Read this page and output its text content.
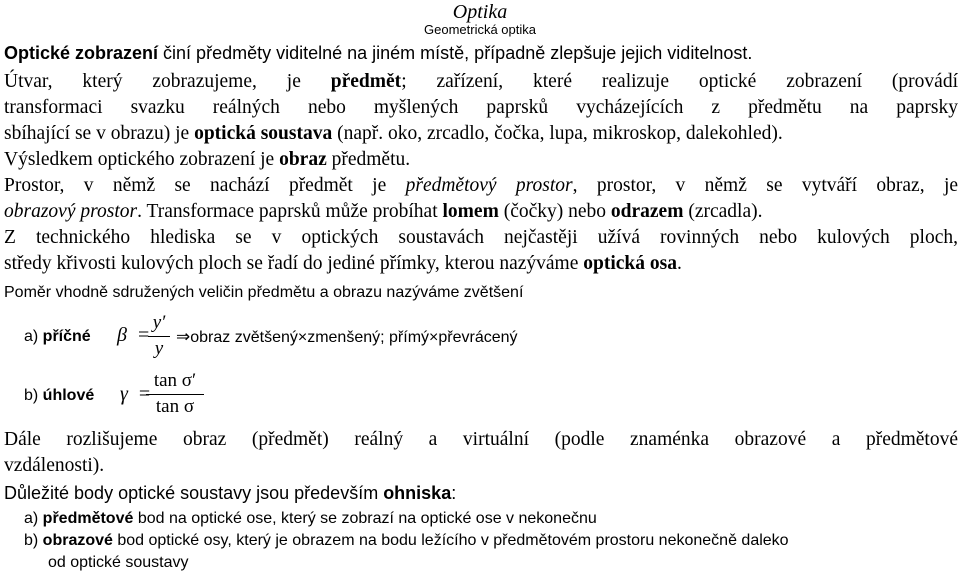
Optika
Geometrická optika
Optické zobrazení činí předměty viditelné na jiném místě, případně zlepšuje jejich viditelnost.
Útvar, který zobrazujeme, je předmět; zařízení, které realizuje optické zobrazení (provádí
transformaci svazku reálných nebo myšlených paprsků vycházejících z předmětu na paprsky
sbíhající se v obrazu) je optická soustava (např. oko, zrcadlo, čočka, lupa, mikroskop, dalekohled).
Výsledkem optického zobrazení je obraz předmětu.
Prostor, v němž se nachází předmět je předmětový prostor, prostor, v němž se vytváří obraz, je
obrazový prostor. Transformace paprsků může probíhat lomem (čočky) nebo odrazem (zrcadla).
Z technického hlediska se v optických soustavách nejčastěji užívá rovinných nebo kulových ploch,
středy křivosti kulových ploch se řadí do jediné přímky, kterou nazýváme optická osa.
Poměr vhodně sdružených veličin předmětu a obrazu nazýváme zvětšení
a) příčné β =
y′
y
⇒obraz zvětšený×zmenšený; přímý×převrácený
b) úhlové γ =
tan σ′
tan σ
Dále rozlišujeme obraz (předmět) reálný a virtuální (podle znaménka obrazové a předmětové
vzdálenosti).
Důležité body optické soustavy jsou především ohniska:
a) předmětové bod na optické ose, který se zobrazí na optické ose v nekonečnu
b) obrazové bod optické osy, který je obrazem na bodu ležícího v předmětovém prostoru nekonečně daleko
od optické soustavy
